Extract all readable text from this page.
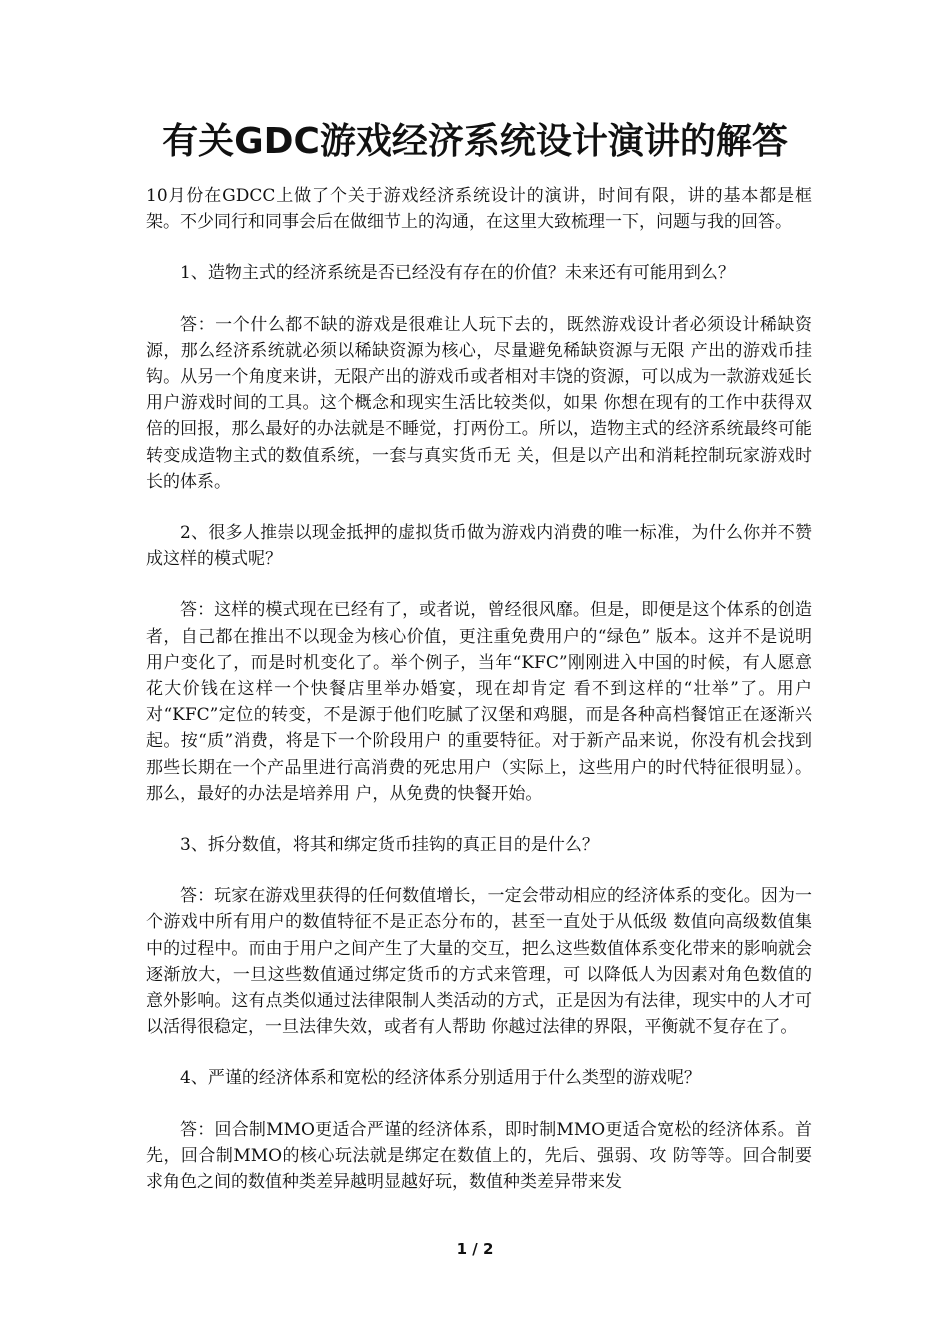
有关GDC游戏经济系统设计演讲的解答

10月份在GDCC上做了个关于游戏经济系统设计的演讲，时间有限，讲的基本都是框架。不少同行和同事会后在做细节上的沟通，在这里大致梳理一下，问题与我的回答。

1、造物主式的经济系统是否已经没有存在的价值？未来还有可能用到么？

答：一个什么都不缺的游戏是很难让人玩下去的，既然游戏设计者必须设计稀缺资源，那么经济系统就必须以稀缺资源为核心，尽量避免稀缺资源与无限 产出的游戏币挂钩。从另一个角度来讲，无限产出的游戏币或者相对丰饶的资源，可以成为一款游戏延长用户游戏时间的工具。这个概念和现实生活比较类似，如果 你想在现有的工作中获得双倍的回报，那么最好的办法就是不睡觉，打两份工。所以，造物主式的经济系统最终可能转变成造物主式的数值系统，一套与真实货币无 关，但是以产出和消耗控制玩家游戏时长的体系。

2、很多人推崇以现金抵押的虚拟货币做为游戏内消费的唯一标准，为什么你并不赞成这样的模式呢？

答：这样的模式现在已经有了，或者说，曾经很风靡。但是，即便是这个体系的创造者，自己都在推出不以现金为核心价值，更注重免费用户的“绿色” 版本。这并不是说明用户变化了，而是时机变化了。举个例子，当年“KFC”刚刚进入中国的时候，有人愿意花大价钱在这样一个快餐店里举办婚宴，现在却肯定 看不到这样的“壮举”了。用户对“KFC”定位的转变，不是源于他们吃腻了汉堡和鸡腿，而是各种高档餐馆正在逐渐兴起。按“质”消费，将是下一个阶段用户 的重要特征。对于新产品来说，你没有机会找到那些长期在一个产品里进行高消费的死忠用户（实际上，这些用户的时代特征很明显）。那么，最好的办法是培养用 户，从免费的快餐开始。

3、拆分数值，将其和绑定货币挂钩的真正目的是什么？

答：玩家在游戏里获得的任何数值增长，一定会带动相应的经济体系的变化。因为一个游戏中所有用户的数值特征不是正态分布的，甚至一直处于从低级 数值向高级数值集中的过程中。而由于用户之间产生了大量的交互，把么这些数值体系变化带来的影响就会逐渐放大，一旦这些数值通过绑定货币的方式来管理，可 以降低人为因素对角色数值的意外影响。这有点类似通过法律限制人类活动的方式，正是因为有法律，现实中的人才可以活得很稳定，一旦法律失效，或者有人帮助 你越过法律的界限，平衡就不复存在了。

4、严谨的经济体系和宽松的经济体系分别适用于什么类型的游戏呢？

答：回合制MMO更适合严谨的经济体系，即时制MMO更适合宽松的经济体系。首先，回合制MMO的核心玩法就是绑定在数值上的，先后、强弱、攻 防等等。回合制要求角色之间的数值种类差异越明显越好玩，数值种类差异带来发

1 / 2
